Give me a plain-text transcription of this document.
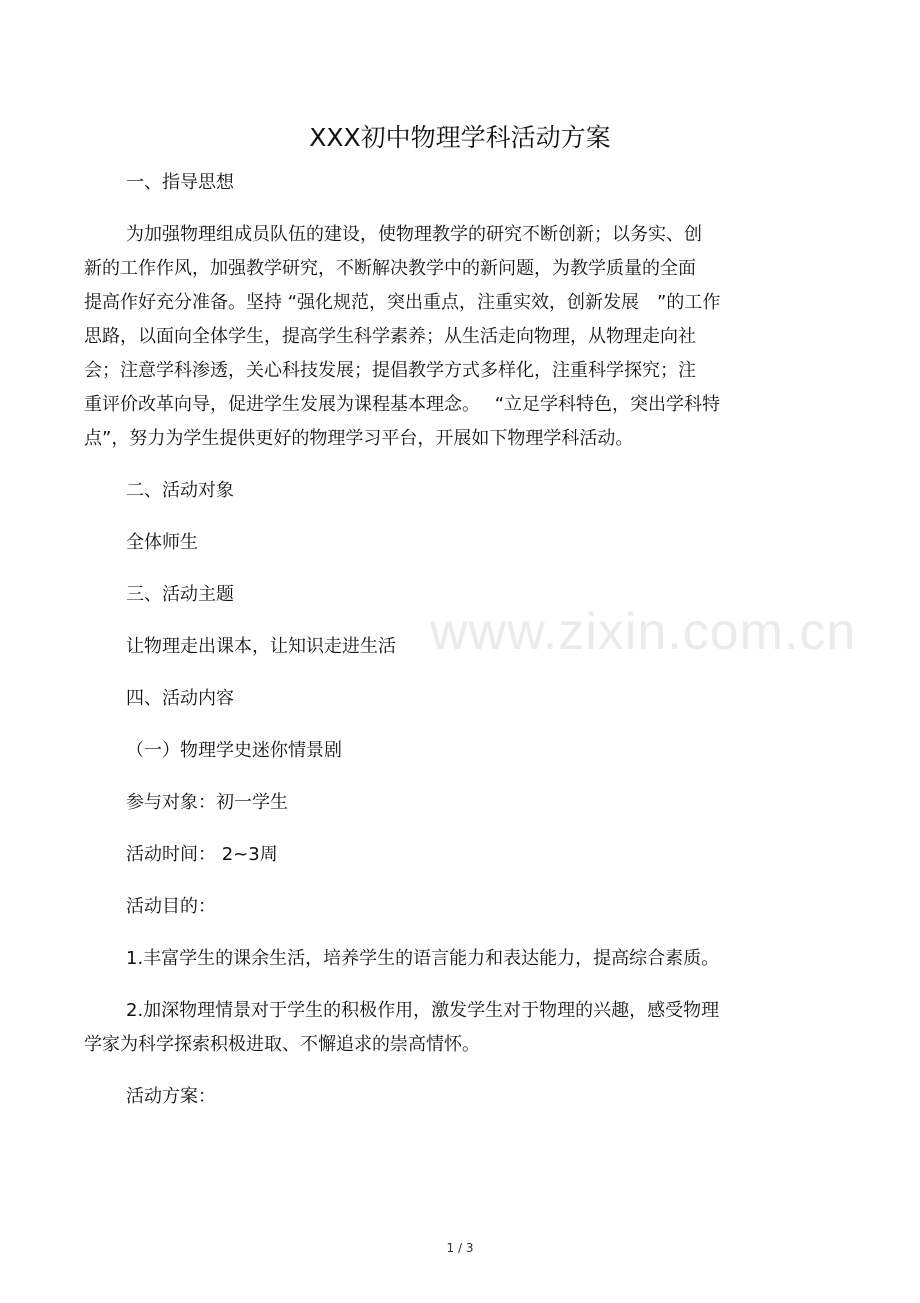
XXX初中物理学科活动方案
一、指导思想
为加强物理组成员队伍的建设，使物理教学的研究不断创新；以务实、创
新的工作作风，加强教学研究，不断解决教学中的新问题，为教学质量的全面
提高作好充分准备。坚持 “强化规范，突出重点，注重实效，创新发展　”的工作
思路，以面向全体学生，提高学生科学素养；从生活走向物理，从物理走向社
会；注意学科渗透，关心科技发展；提倡教学方式多样化，注重科学探究；注
重评价改革向导，促进学生发展为课程基本理念。　 “立足学科特色，突出学科特
点”，努力为学生提供更好的物理学习平台，开展如下物理学科活动。
二、活动对象
全体师生
三、活动主题
让物理走出课本，让知识走进生活
四、活动内容
（一）物理学史迷你情景剧
参与对象：初一学生
活动时间： 2~3周
活动目的：
1.丰富学生的课余生活，培养学生的语言能力和表达能力，提高综合素质。
2.加深物理情景对于学生的积极作用，激发学生对于物理的兴趣，感受物理
学家为科学探索积极进取、不懈追求的崇高情怀。
活动方案：
www.zixin.com.cn
1 / 3
